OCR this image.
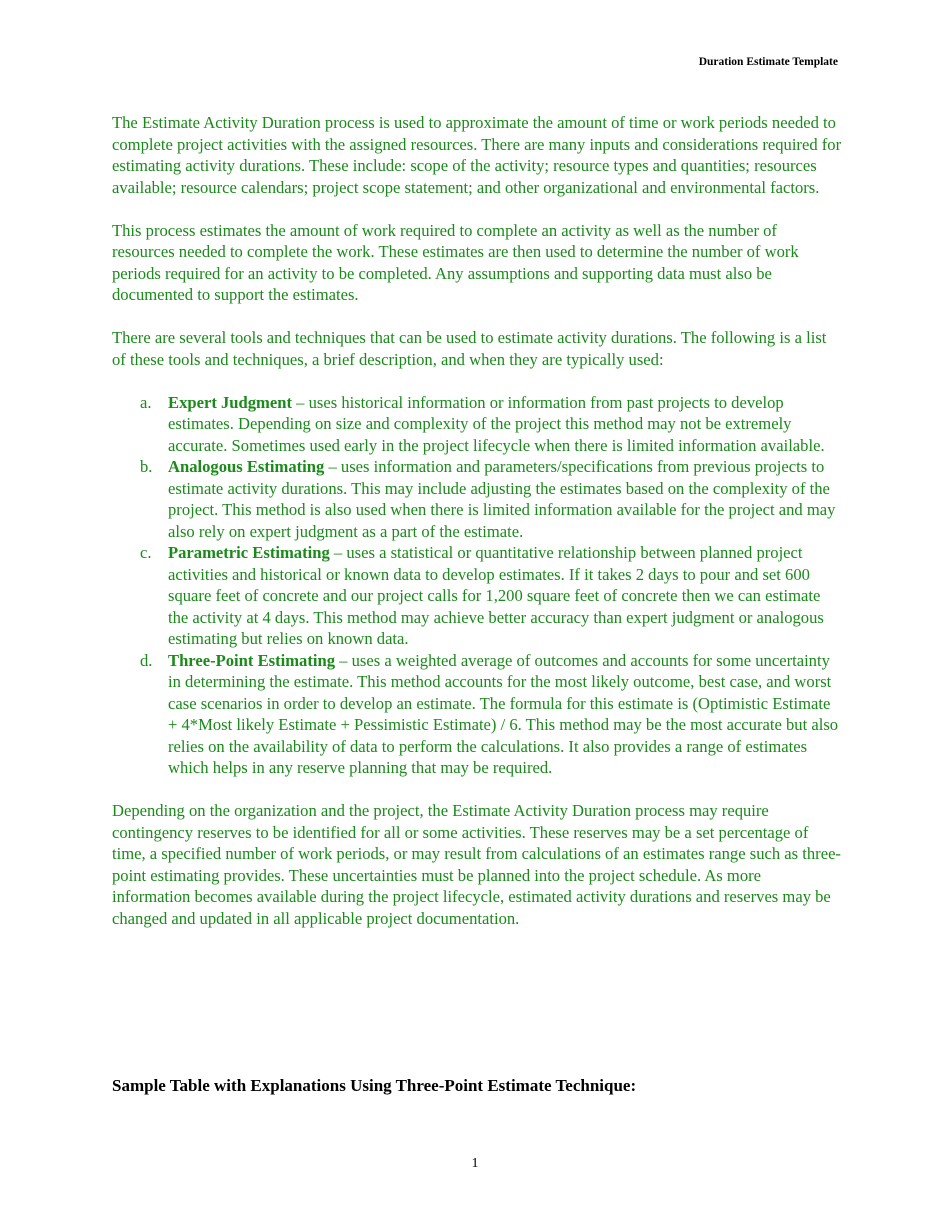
Duration Estimate Template

The Estimate Activity Duration process is used to approximate the amount of time or work periods needed to complete project activities with the assigned resources. There are many inputs and considerations required for estimating activity durations. These include: scope of the activity; resource types and quantities; resources available; resource calendars; project scope statement; and other organizational and environmental factors.

This process estimates the amount of work required to complete an activity as well as the number of resources needed to complete the work. These estimates are then used to determine the number of work periods required for an activity to be completed. Any assumptions and supporting data must also be documented to support the estimates.

There are several tools and techniques that can be used to estimate activity durations. The following is a list of these tools and techniques, a brief description, and when they are typically used:

a. Expert Judgment – uses historical information or information from past projects to develop estimates. Depending on size and complexity of the project this method may not be extremely accurate. Sometimes used early in the project lifecycle when there is limited information available.
b. Analogous Estimating – uses information and parameters/specifications from previous projects to estimate activity durations. This may include adjusting the estimates based on the complexity of the project. This method is also used when there is limited information available for the project and may also rely on expert judgment as a part of the estimate.
c. Parametric Estimating – uses a statistical or quantitative relationship between planned project activities and historical or known data to develop estimates. If it takes 2 days to pour and set 600 square feet of concrete and our project calls for 1,200 square feet of concrete then we can estimate the activity at 4 days. This method may achieve better accuracy than expert judgment or analogous estimating but relies on known data.
d. Three-Point Estimating – uses a weighted average of outcomes and accounts for some uncertainty in determining the estimate. This method accounts for the most likely outcome, best case, and worst case scenarios in order to develop an estimate. The formula for this estimate is (Optimistic Estimate + 4*Most likely Estimate + Pessimistic Estimate) / 6. This method may be the most accurate but also relies on the availability of data to perform the calculations. It also provides a range of estimates which helps in any reserve planning that may be required.

Depending on the organization and the project, the Estimate Activity Duration process may require contingency reserves to be identified for all or some activities. These reserves may be a set percentage of time, a specified number of work periods, or may result from calculations of an estimates range such as three-point estimating provides. These uncertainties must be planned into the project schedule. As more information becomes available during the project lifecycle, estimated activity durations and reserves may be changed and updated in all applicable project documentation.

Sample Table with Explanations Using Three-Point Estimate Technique:
1
